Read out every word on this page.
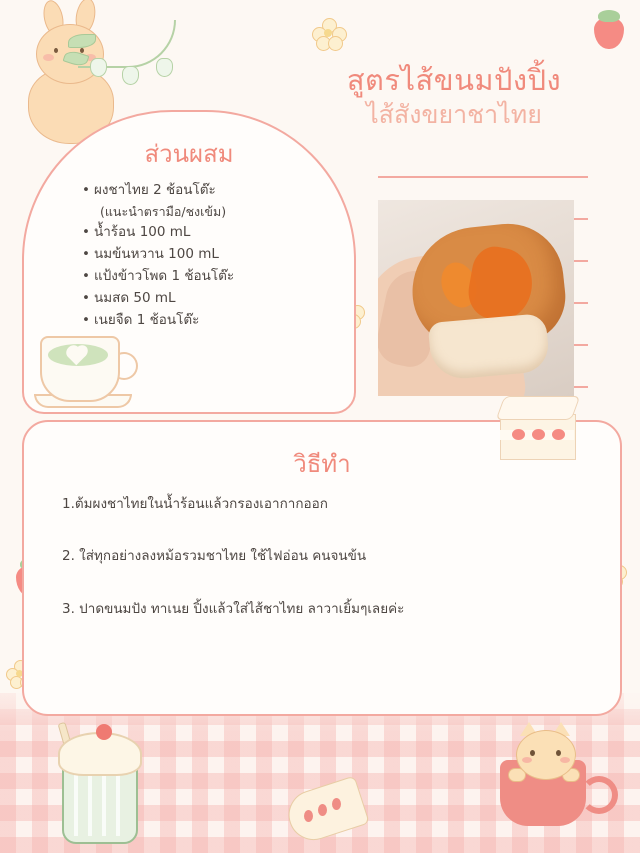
สูตรไส้ขนมปังปิ้ง
ไส้สังขยาชาไทย
ส่วนผสม
• ผงชาไทย 2 ช้อนโต๊ะ
(แนะนำตรามือ/ชงเข้ม)
• น้ำร้อน 100 mL
• นมข้นหวาน 100 mL
• แป้งข้าวโพด 1 ช้อนโต๊ะ
• นมสด 50 mL
• เนยจืด 1 ช้อนโต๊ะ
วิธีทำ
1.ต้มผงชาไทยในน้ำร้อนแล้วกรองเอากากออก
2. ใส่ทุกอย่างลงหม้อรวมชาไทย ใช้ไฟอ่อน คนจนข้น
3. ปาดขนมปัง ทาเนย ปิ้งแล้วใส่ไส้ชาไทย ลาวาเยิ้มๆเลยค่ะ
